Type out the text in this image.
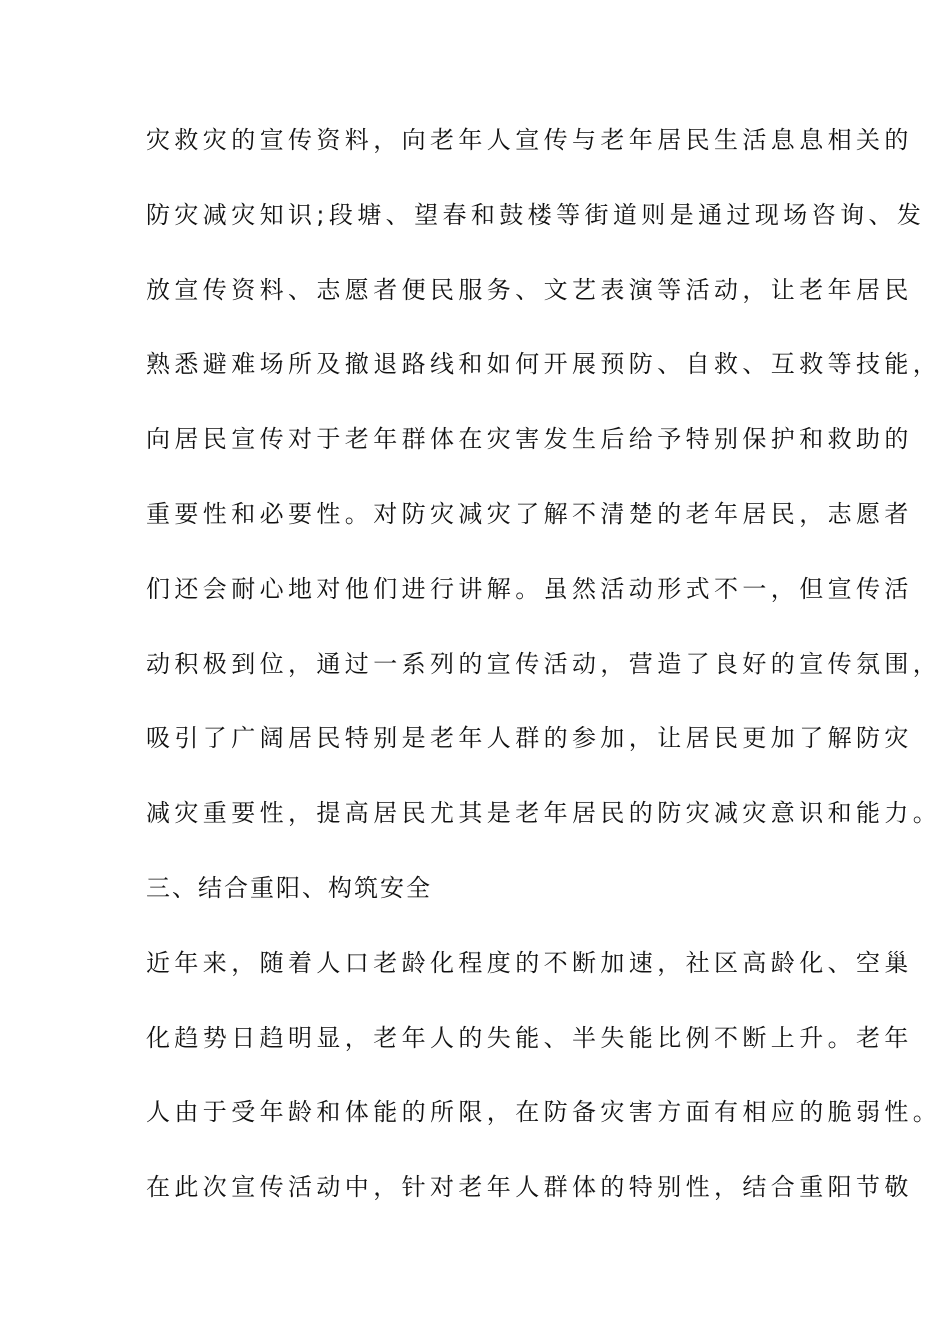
灾救灾的宣传资料，向老年人宣传与老年居民生活息息相关的
防灾减灾知识;段塘、望春和鼓楼等街道则是通过现场咨询、发
放宣传资料、志愿者便民服务、文艺表演等活动，让老年居民
熟悉避难场所及撤退路线和如何开展预防、自救、互救等技能，
向居民宣传对于老年群体在灾害发生后给予特别保护和救助的
重要性和必要性。对防灾减灾了解不清楚的老年居民，志愿者
们还会耐心地对他们进行讲解。虽然活动形式不一，但宣传活
动积极到位，通过一系列的宣传活动，营造了良好的宣传氛围，
吸引了广阔居民特别是老年人群的参加，让居民更加了解防灾
减灾重要性，提高居民尤其是老年居民的防灾减灾意识和能力。
三、结合重阳、构筑安全
近年来，随着人口老龄化程度的不断加速，社区高龄化、空巢
化趋势日趋明显，老年人的失能、半失能比例不断上升。老年
人由于受年龄和体能的所限，在防备灾害方面有相应的脆弱性。
在此次宣传活动中，针对老年人群体的特别性，结合重阳节敬
